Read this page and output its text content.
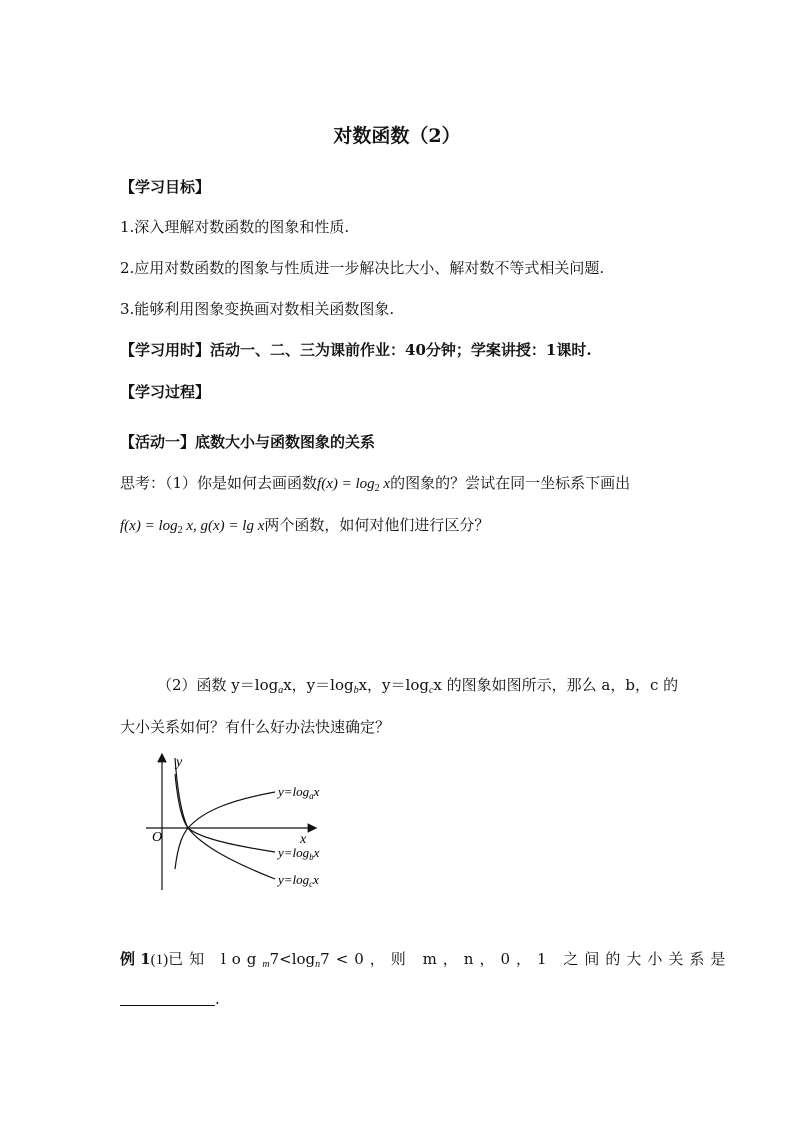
对数函数（2）
【学习目标】
1.深入理解对数函数的图象和性质.
2.应用对数函数的图象与性质进一步解决比大小、解对数不等式相关问题.
3.能够利用图象变换画对数相关函数图象.
【学习用时】活动一、二、三为课前作业：40分钟；学案讲授：1课时.
【学习过程】
【活动一】底数大小与函数图象的关系
思考：（1）你是如何去画函数$f(x) = \log_2 x$的图象的？尝试在同一坐标系下画出
$f(x) = \log_2 x$, g(x) = lg x两个函数，如何对他们进行区分？
（2）函数 $y=\log_ax$，$y=\log_bx$，$y=\log_cx$ 的图象如图所示，那么 a，b，c 的
大小关系如何？有什么好办法快速确定？
y
x
O
$y=\log_ax$
$y=\log_bx$
$y=\log_cx$
例 1 (1) 已知 $\log_m7<\log_n7<0$，则 m，n，0，1 之间的大小关系是
.
